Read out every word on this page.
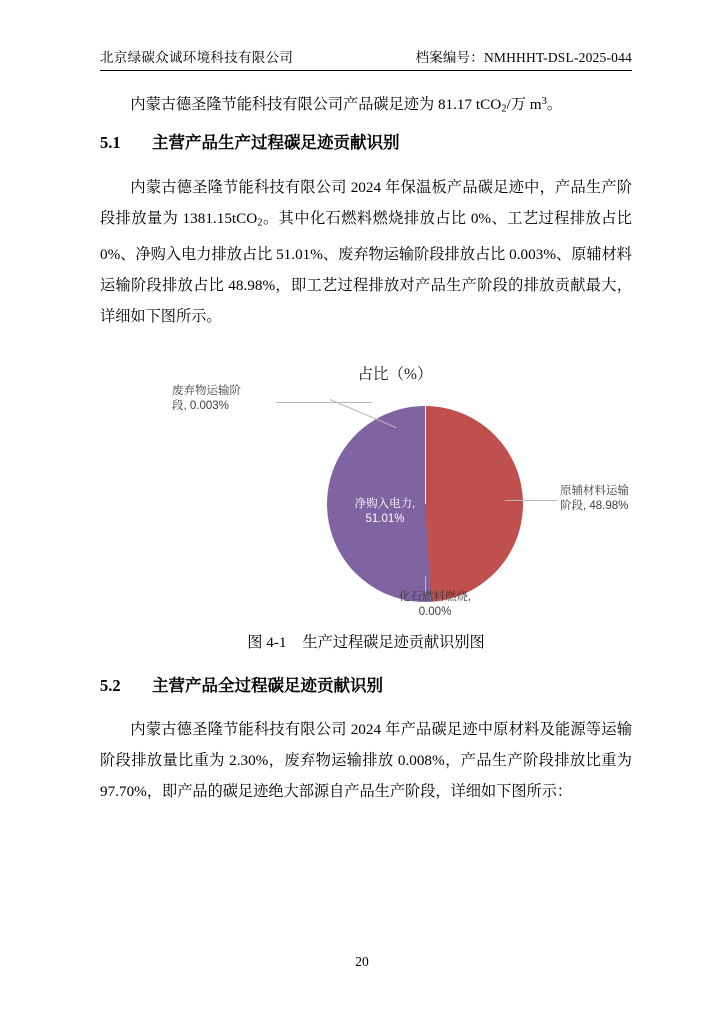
北京绿碳众诚环境科技有限公司	档案编号：NMHHHT-DSL-2025-044
内蒙古德圣隆节能科技有限公司产品碳足迹为 81.17 tCO$_2$/万 $m^3$。
5.1 主营产品生产过程碳足迹贡献识别
内蒙古德圣隆节能科技有限公司 2024 年保温板产品碳足迹中，产品生产阶段排放量为 1381.15tCO$_2$。其中化石燃料燃烧排放占比 0%、工艺过程排放占比 0%、净购入电力排放占比 51.01%、废弃物运输阶段排放占比 0.003%、原辅材料运输阶段排放占比 48.98%，即工艺过程排放对产品生产阶段的排放贡献最大，详细如下图所示。
占比（%）
废弃物运输阶
段, 0.003%
原辅材料运输
阶段, 48.98%
净购入电力,
51.01%
化石燃料燃烧,
0.00%
图 4-1 生产过程碳足迹贡献识别图
5.2 主营产品全过程碳足迹贡献识别
内蒙古德圣隆节能科技有限公司 2024 年产品碳足迹中原材料及能源等运输阶段排放量比重为 2.30%，废弃物运输排放 0.008%，产品生产阶段排放比重为 97.70%，即产品的碳足迹绝大部源自产品生产阶段，详细如下图所示：
20
